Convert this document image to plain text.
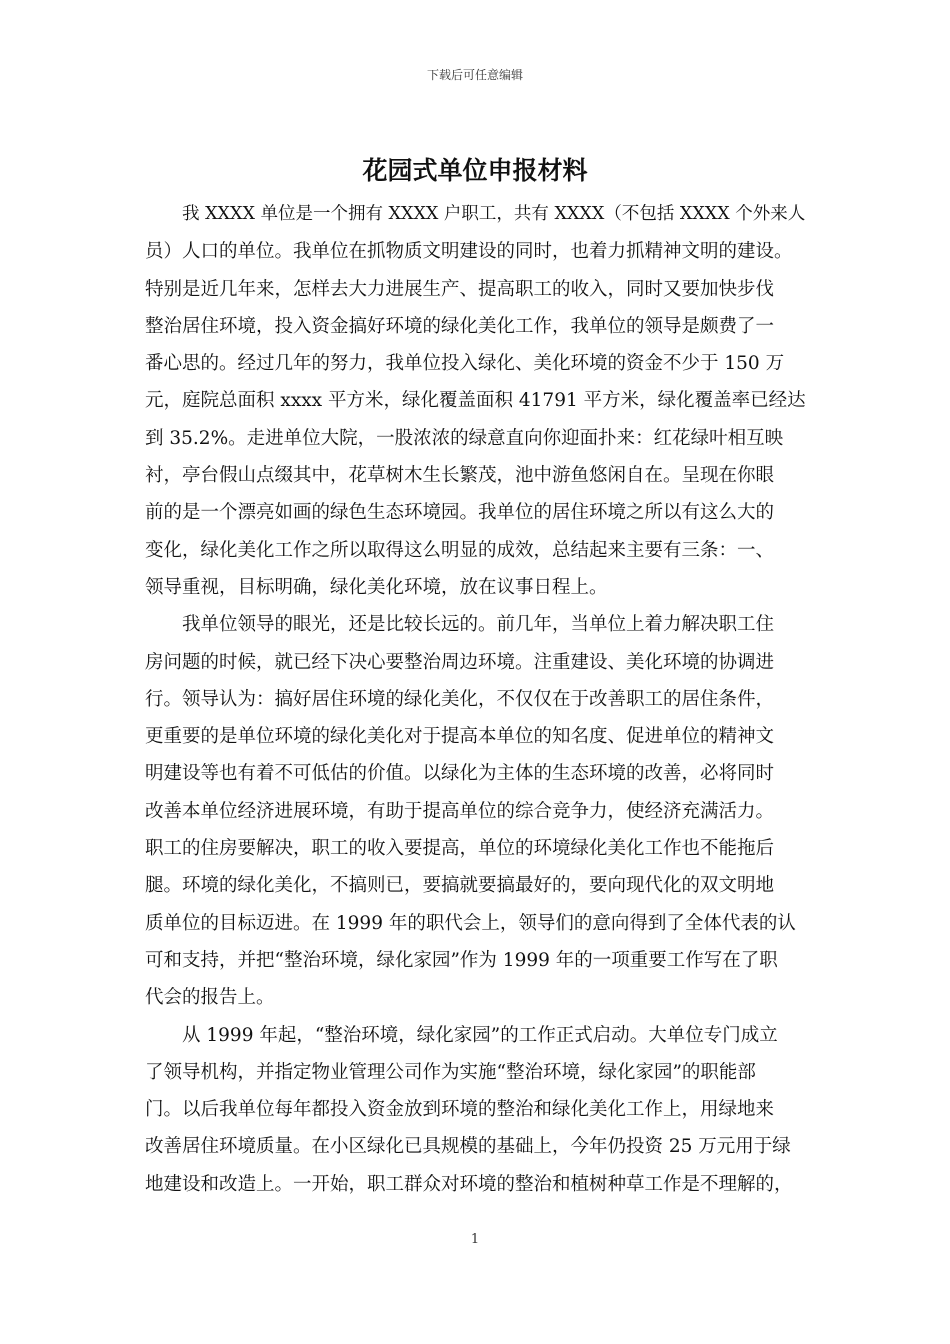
下载后可任意编辑
花园式单位申报材料
我 XXXX 单位是一个拥有 XXXX 户职工，共有 XXXX（不包括 XXXX 个外来人
员）人口的单位。我单位在抓物质文明建设的同时，也着力抓精神文明的建设。
特别是近几年来，怎样去大力进展生产、提高职工的收入，同时又要加快步伐
整治居住环境，投入资金搞好环境的绿化美化工作，我单位的领导是颇费了一
番心思的。经过几年的努力，我单位投入绿化、美化环境的资金不少于 150 万
元，庭院总面积 xxxx 平方米，绿化覆盖面积 41791 平方米，绿化覆盖率已经达
到 35.2%。走进单位大院，一股浓浓的绿意直向你迎面扑来：红花绿叶相互映
衬，亭台假山点缀其中，花草树木生长繁茂，池中游鱼悠闲自在。呈现在你眼
前的是一个漂亮如画的绿色生态环境园。我单位的居住环境之所以有这么大的
变化，绿化美化工作之所以取得这么明显的成效，总结起来主要有三条：一、
领导重视，目标明确，绿化美化环境，放在议事日程上。
我单位领导的眼光，还是比较长远的。前几年，当单位上着力解决职工住
房问题的时候，就已经下决心要整治周边环境。注重建设、美化环境的协调进
行。领导认为：搞好居住环境的绿化美化，不仅仅在于改善职工的居住条件，
更重要的是单位环境的绿化美化对于提高本单位的知名度、促进单位的精神文
明建设等也有着不可低估的价值。以绿化为主体的生态环境的改善，必将同时
改善本单位经济进展环境，有助于提高单位的综合竞争力，使经济充满活力。
职工的住房要解决，职工的收入要提高，单位的环境绿化美化工作也不能拖后
腿。环境的绿化美化，不搞则已，要搞就要搞最好的，要向现代化的双文明地
质单位的目标迈进。在 1999 年的职代会上，领导们的意向得到了全体代表的认
可和支持，并把“整治环境，绿化家园”作为 1999 年的一项重要工作写在了职
代会的报告上。
从 1999 年起，“整治环境，绿化家园”的工作正式启动。大单位专门成立
了领导机构，并指定物业管理公司作为实施“整治环境，绿化家园”的职能部
门。以后我单位每年都投入资金放到环境的整治和绿化美化工作上，用绿地来
改善居住环境质量。在小区绿化已具规模的基础上，今年仍投资 25 万元用于绿
地建设和改造上。一开始，职工群众对环境的整治和植树种草工作是不理解的，
1
